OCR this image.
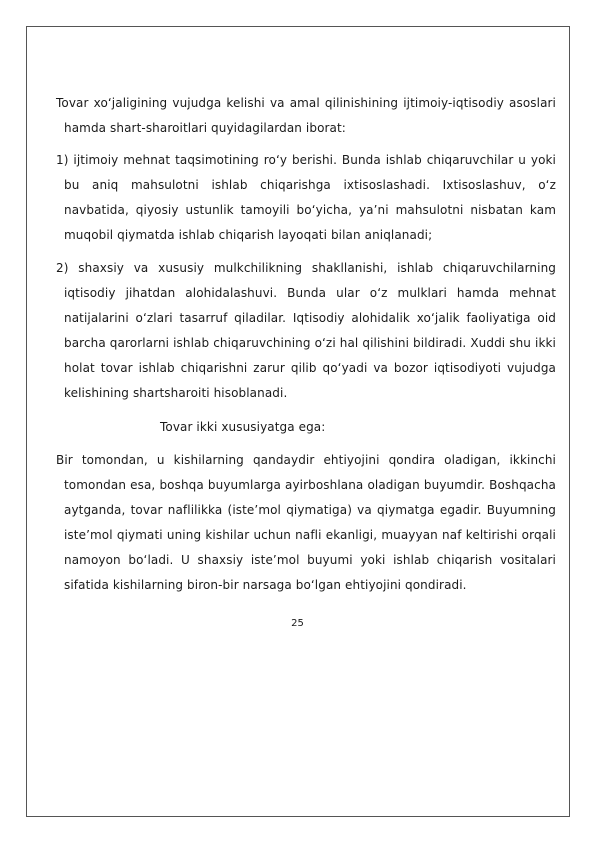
Tovar xo‘jaligining vujudga kelishi va amal qilinishining ijtimoiy-iqtisodiy asoslari hamda shart-sharoitlari quyidagilardan iborat:

1) ijtimoiy mehnat taqsimotining ro‘y berishi. Bunda ishlab chiqaruvchilar u yoki bu aniq mahsulotni ishlab chiqarishga ixtisoslashadi. Ixtisoslashuv, o‘z navbatida, qiyosiy ustunlik tamoyili bo‘yicha, ya’ni mahsulotni nisbatan kam muqobil qiymatda ishlab chiqarish layoqati bilan aniqlanadi;

2) shaxsiy va xususiy mulkchilikning shakllanishi, ishlab chiqaruvchilarning iqtisodiy jihatdan alohidalashuvi. Bunda ular o‘z mulklari hamda mehnat natijalarini o‘zlari tasarruf qiladilar. Iqtisodiy alohidalik xo‘jalik faoliyatiga oid barcha qarorlarni ishlab chiqaruvchining o‘zi hal qilishini bildiradi. Xuddi shu ikki holat tovar ishlab chiqarishni zarur qilib qo‘yadi va bozor iqtisodiyoti vujudga kelishining shartsharoiti hisoblanadi.

Tovar ikki xususiyatga ega:

Bir tomondan, u kishilarning qandaydir ehtiyojini qondira oladigan, ikkinchi tomondan esa, boshqa buyumlarga ayirboshlana oladigan buyumdir. Boshqacha aytganda, tovar naflilikka (iste’mol qiymatiga) va qiymatga egadir. Buyumning iste’mol qiymati uning kishilar uchun nafli ekanligi, muayyan naf keltirishi orqali namoyon bo‘ladi. U shaxsiy iste’mol buyumi yoki ishlab chiqarish vositalari sifatida kishilarning biron-bir narsaga bo‘lgan ehtiyojini qondiradi.

25
